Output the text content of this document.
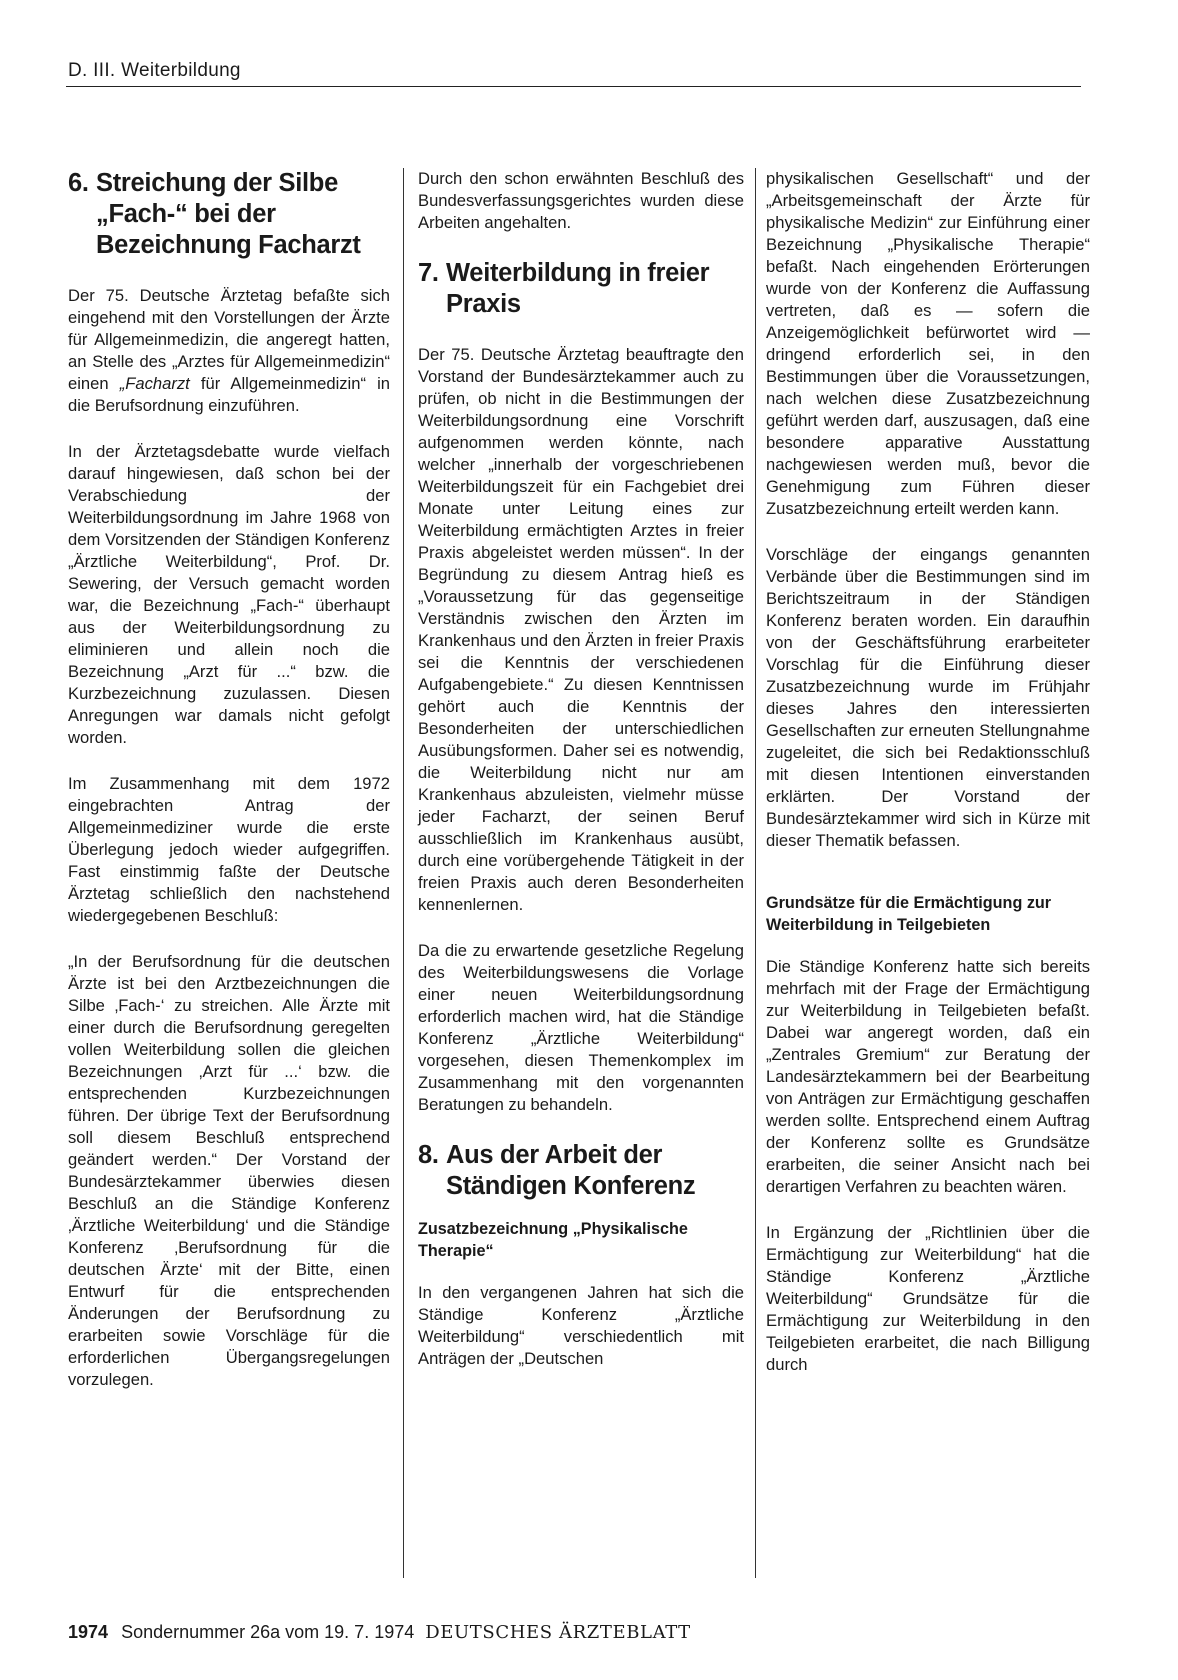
D. III. Weiterbildung
6. Streichung der Silbe „Fach-“ bei der Bezeichnung Facharzt

Der 75. Deutsche Ärztetag befaßte sich eingehend mit den Vorstellungen der Ärzte für Allgemeinmedizin, die angeregt hatten, an Stelle des „Arztes für Allgemeinmedizin“ einen „Facharzt für Allgemeinmedizin“ in die Berufsordnung einzuführen.

In der Ärztetagsdebatte wurde vielfach darauf hingewiesen, daß schon bei der Verabschiedung der Weiterbildungsordnung im Jahre 1968 von dem Vorsitzenden der Ständigen Konferenz „Ärztliche Weiterbildung“, Prof. Dr. Sewering, der Versuch gemacht worden war, die Bezeichnung „Fach-“ überhaupt aus der Weiterbildungsordnung zu eliminieren und allein noch die Bezeichnung „Arzt für ...“ bzw. die Kurzbezeichnung zuzulassen. Diesen Anregungen war damals nicht gefolgt worden.

Im Zusammenhang mit dem 1972 eingebrachten Antrag der Allgemeinmediziner wurde die erste Überlegung jedoch wieder aufgegriffen. Fast einstimmig faßte der Deutsche Ärztetag schließlich den nachstehend wiedergegebenen Beschluß:

„In der Berufsordnung für die deutschen Ärzte ist bei den Arztbezeichnungen die Silbe ‚Fach-‘ zu streichen. Alle Ärzte mit einer durch die Berufsordnung geregelten vollen Weiterbildung sollen die gleichen Bezeichnungen ‚Arzt für ...‘ bzw. die entsprechenden Kurzbezeichnungen führen. Der übrige Text der Berufsordnung soll diesem Beschluß entsprechend geändert werden.“ Der Vorstand der Bundesärztekammer überwies diesen Beschluß an die Ständige Konferenz ‚Ärztliche Weiterbildung‘ und die Ständige Konferenz ‚Berufsordnung für die deutschen Ärzte‘ mit der Bitte, einen Entwurf für die entsprechenden Änderungen der Berufsordnung zu erarbeiten sowie Vorschläge für die erforderlichen Übergangsregelungen vorzulegen.

Durch den schon erwähnten Beschluß des Bundesverfassungsgerichtes wurden diese Arbeiten angehalten.

7. Weiterbildung in freier Praxis

Der 75. Deutsche Ärztetag beauftragte den Vorstand der Bundesärztekammer auch zu prüfen, ob nicht in die Bestimmungen der Weiterbildungsordnung eine Vorschrift aufgenommen werden könnte, nach welcher „innerhalb der vorgeschriebenen Weiterbildungszeit für ein Fachgebiet drei Monate unter Leitung eines zur Weiterbildung ermächtigten Arztes in freier Praxis abgeleistet werden müssen“. In der Begründung zu diesem Antrag hieß es „Voraussetzung für das gegenseitige Verständnis zwischen den Ärzten im Krankenhaus und den Ärzten in freier Praxis sei die Kenntnis der verschiedenen Aufgabengebiete.“ Zu diesen Kenntnissen gehört auch die Kenntnis der Besonderheiten der unterschiedlichen Ausübungsformen. Daher sei es notwendig, die Weiterbildung nicht nur am Krankenhaus abzuleisten, vielmehr müsse jeder Facharzt, der seinen Beruf ausschließlich im Krankenhaus ausübt, durch eine vorübergehende Tätigkeit in der freien Praxis auch deren Besonderheiten kennenlernen.

Da die zu erwartende gesetzliche Regelung des Weiterbildungswesens die Vorlage einer neuen Weiterbildungsordnung erforderlich machen wird, hat die Ständige Konferenz „Ärztliche Weiterbildung“ vorgesehen, diesen Themenkomplex im Zusammenhang mit den vorgenannten Beratungen zu behandeln.

8. Aus der Arbeit der Ständigen Konferenz
Zusatzbezeichnung „Physikalische Therapie“

In den vergangenen Jahren hat sich die Ständige Konferenz „Ärztliche Weiterbildung“ verschiedentlich mit Anträgen der „Deutschen

physikalischen Gesellschaft“ und der „Arbeitsgemeinschaft der Ärzte für physikalische Medizin“ zur Einführung einer Bezeichnung „Physikalische Therapie“ befaßt. Nach eingehenden Erörterungen wurde von der Konferenz die Auffassung vertreten, daß es — sofern die Anzeigemöglichkeit befürwortet wird — dringend erforderlich sei, in den Bestimmungen über die Voraussetzungen, nach welchen diese Zusatzbezeichnung geführt werden darf, auszusagen, daß eine besondere apparative Ausstattung nachgewiesen werden muß, bevor die Genehmigung zum Führen dieser Zusatzbezeichnung erteilt werden kann.

Vorschläge der eingangs genannten Verbände über die Bestimmungen sind im Berichtszeitraum in der Ständigen Konferenz beraten worden. Ein daraufhin von der Geschäftsführung erarbeiteter Vorschlag für die Einführung dieser Zusatzbezeichnung wurde im Frühjahr dieses Jahres den interessierten Gesellschaften zur erneuten Stellungnahme zugeleitet, die sich bei Redaktionsschluß mit diesen Intentionen einverstanden erklärten. Der Vorstand der Bundesärztekammer wird sich in Kürze mit dieser Thematik befassen.

Grundsätze für die Ermächtigung zur Weiterbildung in Teilgebieten

Die Ständige Konferenz hatte sich bereits mehrfach mit der Frage der Ermächtigung zur Weiterbildung in Teilgebieten befaßt. Dabei war angeregt worden, daß ein „Zentrales Gremium“ zur Beratung der Landesärztekammern bei der Bearbeitung von Anträgen zur Ermächtigung geschaffen werden sollte. Entsprechend einem Auftrag der Konferenz sollte es Grundsätze erarbeiten, die seiner Ansicht nach bei derartigen Verfahren zu beachten wären.

In Ergänzung der „Richtlinien über die Ermächtigung zur Weiterbildung“ hat die Ständige Konferenz „Ärztliche Weiterbildung“ Grundsätze für die Ermächtigung zur Weiterbildung in den Teilgebieten erarbeitet, die nach Billigung durch

1974 Sondernummer 26a vom 19. 7. 1974 DEUTSCHES ÄRZTEBLATT
